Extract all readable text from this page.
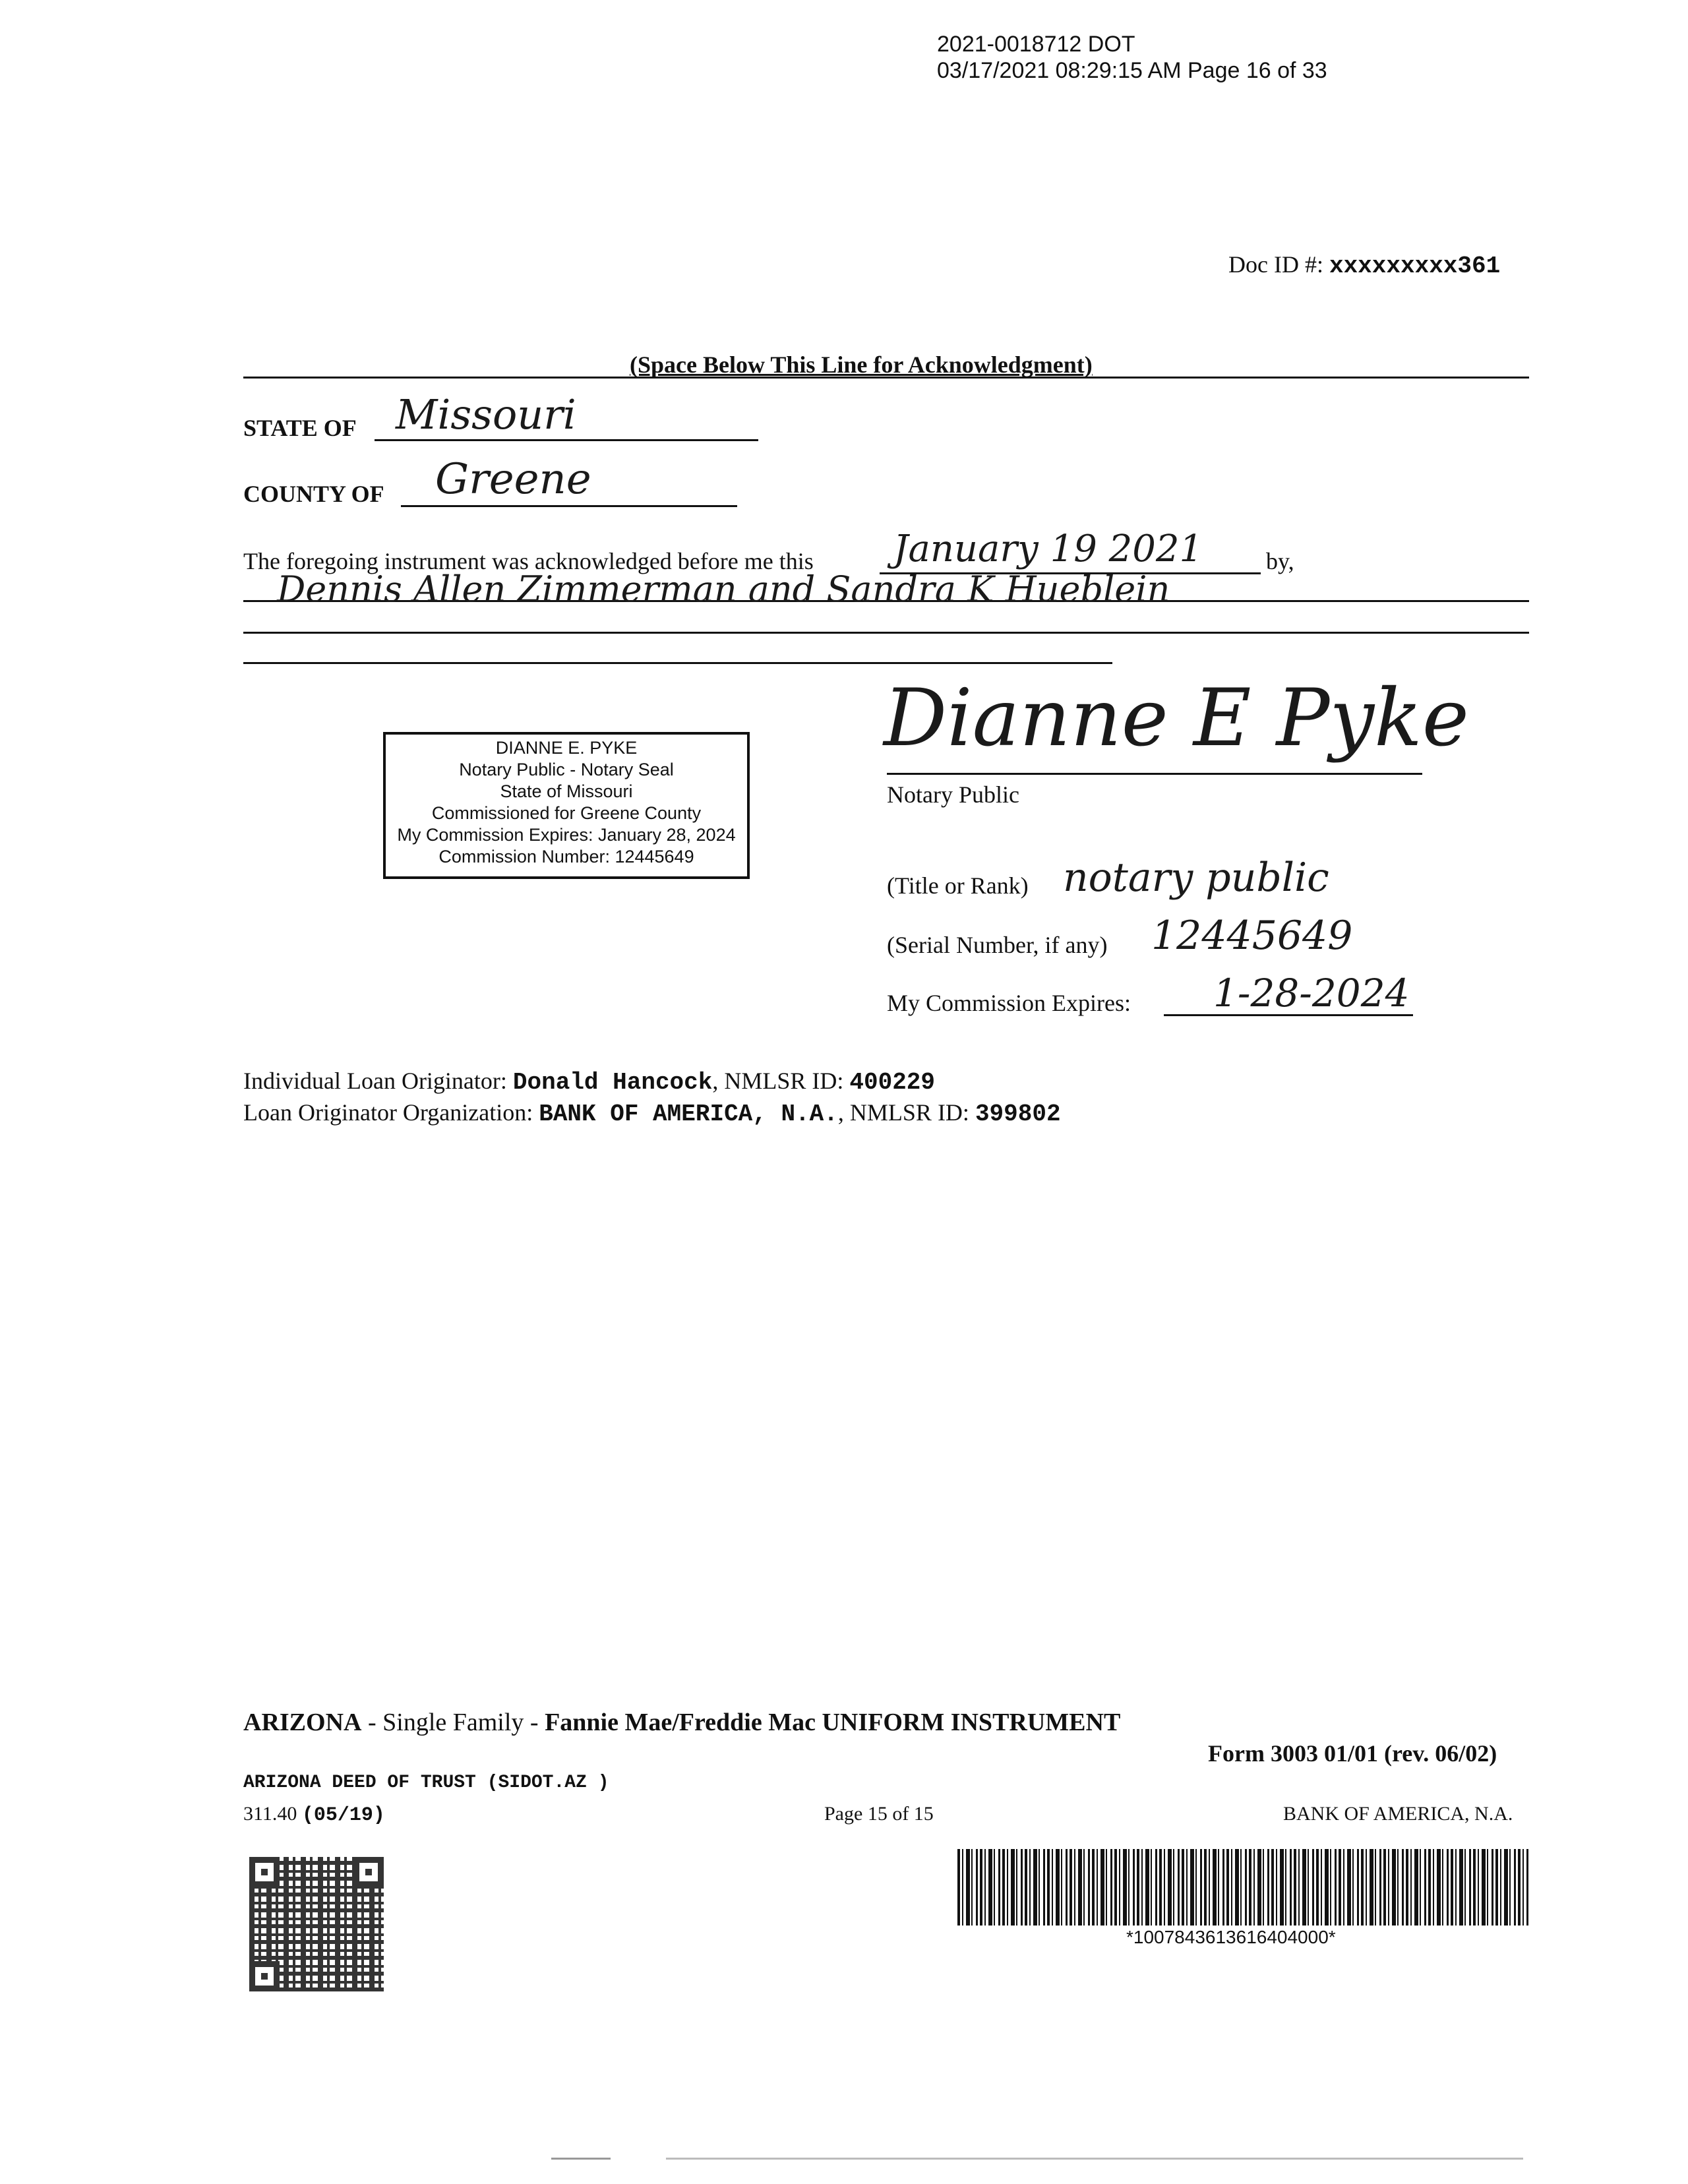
2021-0018712 DOT
03/17/2021 08:29:15 AM Page 16 of 33
Doc ID #: xxxxxxxxx361
(Space Below This Line for Acknowledgment)
STATE OF Missouri
COUNTY OF Greene
The foregoing instrument was acknowledged before me this January 19 2021	by,
Dennis Allen Zimmerman and Sandra K Hueblein
DIANNE E. PYKE
Notary Public - Notary Seal
State of Missouri
Commissioned for Greene County
My Commission Expires: January 28, 2024
Commission Number: 12445649
Dianne E Pyke
Notary Public
(Title or Rank) notary public
(Serial Number, if any) 12445649
My Commission Expires: 1-28-2024
Individual Loan Originator: Donald Hancock, NMLSR ID: 400229
Loan Originator Organization: BANK OF AMERICA, N.A., NMLSR ID: 399802
ARIZONA - Single Family - Fannie Mae/Freddie Mac UNIFORM INSTRUMENT
Form 3003 01/01 (rev. 06/02)
ARIZONA DEED OF TRUST (SIDOT.AZ )
311.40 (05/19)	Page 15 of 15	BANK OF AMERICA, N.A.
*1007843613616404000*
